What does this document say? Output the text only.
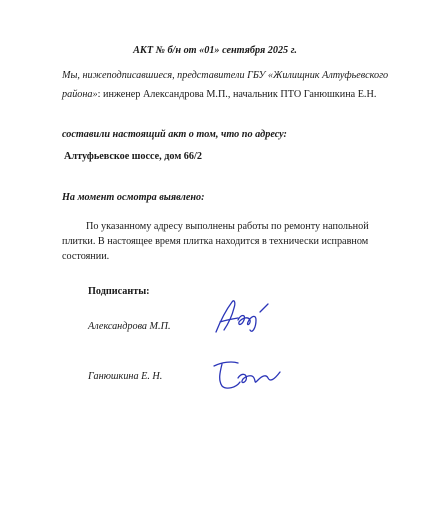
АКТ № б/н от «01» сентября 2025 г.
Мы, нижеподписавшиеся, представители ГБУ «Жилищник Алтуфьевского
района»: инженер Александрова М.П., начальник ПТО Ганюшкина Е.Н.
составили настоящий акт о том, что по адресу:
Алтуфьевское шоссе, дом 66/2
На момент осмотра выявлено:
По указанному адресу выполнены работы по ремонту напольной
плитки. В настоящее время плитка находится в технически исправном
состоянии.
Подписанты:
Александрова М.П.
Ганюшкина Е. Н.
